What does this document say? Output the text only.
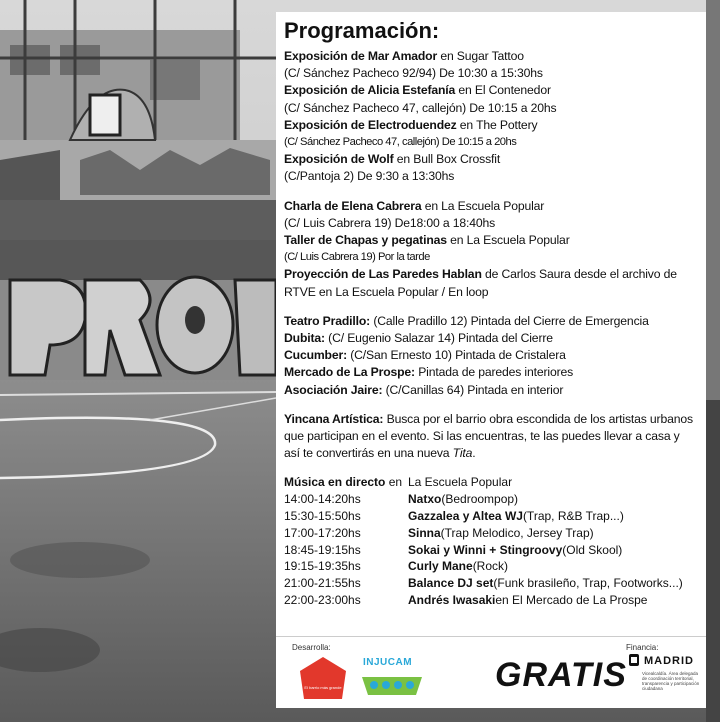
Programación:
Exposición de Mar Amador en Sugar Tattoo
(C/ Sánchez Pacheco 92/94) De 10:30 a 15:30hs
Exposición de Alicia Estefanía en El Contenedor
(C/ Sánchez Pacheco 47, callejón) De 10:15 a 20hs
Exposición de Electroduendez en The Pottery
(C/ Sánchez Pacheco 47, callejón) De 10:15 a 20hs
Exposición de Wolf en Bull Box Crossfit
(C/Pantoja 2) De 9:30 a 13:30hs
Charla de Elena Cabrera en La Escuela Popular
(C/ Luis Cabrera 19) De18:00 a 18:40hs
Taller de Chapas y pegatinas en La Escuela Popular
(C/ Luis Cabrera 19) Por la tarde
Proyección de Las Paredes Hablan de Carlos Saura desde el archivo de RTVE en La Escuela Popular / En loop
Teatro Pradillo: (Calle Pradillo 12) Pintada del Cierre de Emergencia
Dubita: (C/ Eugenio Salazar 14) Pintada del Cierre
Cucumber: (C/San Ernesto 10) Pintada de Cristalera
Mercado de La Prospe: Pintada de paredes interiores
Asociación Jaire: (C/Canillas 64) Pintada en interior
Yincana Artística: Busca por el barrio obra escondida de los artistas urbanos que participan en el evento. Si las encuentras, te las puedes llevar a casa y así te convertirás en una nueva Tita.
Música en directo en La Escuela Popular
14:00-14:20hs	Natxo (Bedroompop)
15:30-15:50hs	Gazzalea y Altea WJ (Trap, R&B Trap...)
17:00-17:20hs	Sinna (Trap Melodico, Jersey Trap)
18:45-19:15hs	Sokai y Winni + Stingroovy (Old Skool)
19:15-19:35hs	Curly Mane (Rock)
21:00-21:55hs	Balance DJ set (Funk brasileño, Trap, Footworks...)
22:00-23:00hs	Andrés Iwasaki en El Mercado de La Prospe
Desarrolla:	Financia:
El barrio más grande
INJUCAM GRATIS MADRID
Vicealcaldía. Área delegada de coordinación territorial, transparencia y participación ciudadana
